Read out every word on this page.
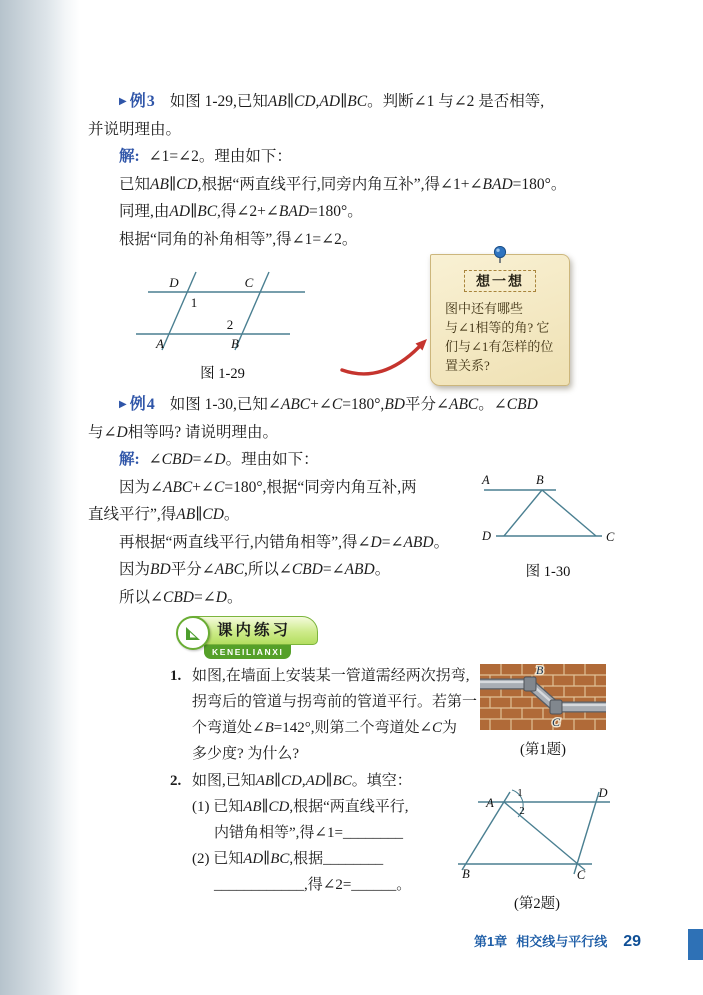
▶ 例3 如图 1-29,已知AB∥CD,AD∥BC。判断∠1 与∠2 是否相等,

并说明理由。

解: ∠1=∠2。理由如下：

已知AB∥CD,根据“两直线平行,同旁内角互补”,得∠1+∠BAD=180°。

同理,由AD∥BC,得∠2+∠BAD=180°。

根据“同角的补角相等”,得∠1=∠2。

D	C
1
2
A	B
图 1-29
想一想
图中还有哪些
与∠1相等的角? 它
们与∠1有怎样的位
置关系?

▶ 例4 如图 1-30,已知∠ABC+∠C=180°,BD平分∠ABC。∠CBD

与∠D相等吗? 请说明理由。

解: ∠CBD=∠D。理由如下：

因为∠ABC+∠C=180°,根据“同旁内角互补,两

直线平行”,得AB∥CD。

再根据“两直线平行,内错角相等”,得∠D=∠ABD。

因为BD平分∠ABC,所以∠CBD=∠ABD。

所以∠CBD=∠D。

A	B
D	C
图 1-30
课内练习
KENEILIANXI

1. 如图,在墙面上安装某一管道需经两次拐弯,

拐弯后的管道与拐弯前的管道平行。若第一

个弯道处∠B=142°,则第二个弯道处∠C为

多少度? 为什么?

B
C
(第1题)

2. 如图,已知AB∥CD,AD∥BC。填空：

(1) 已知AB∥CD,根据“两直线平行,

内错角相等”,得∠1=________

(2) 已知AD∥BC,根据________

____________,得∠2=______。

A
D
B	C
1
2
(第2题)
第1章 相交线与平行线 29
